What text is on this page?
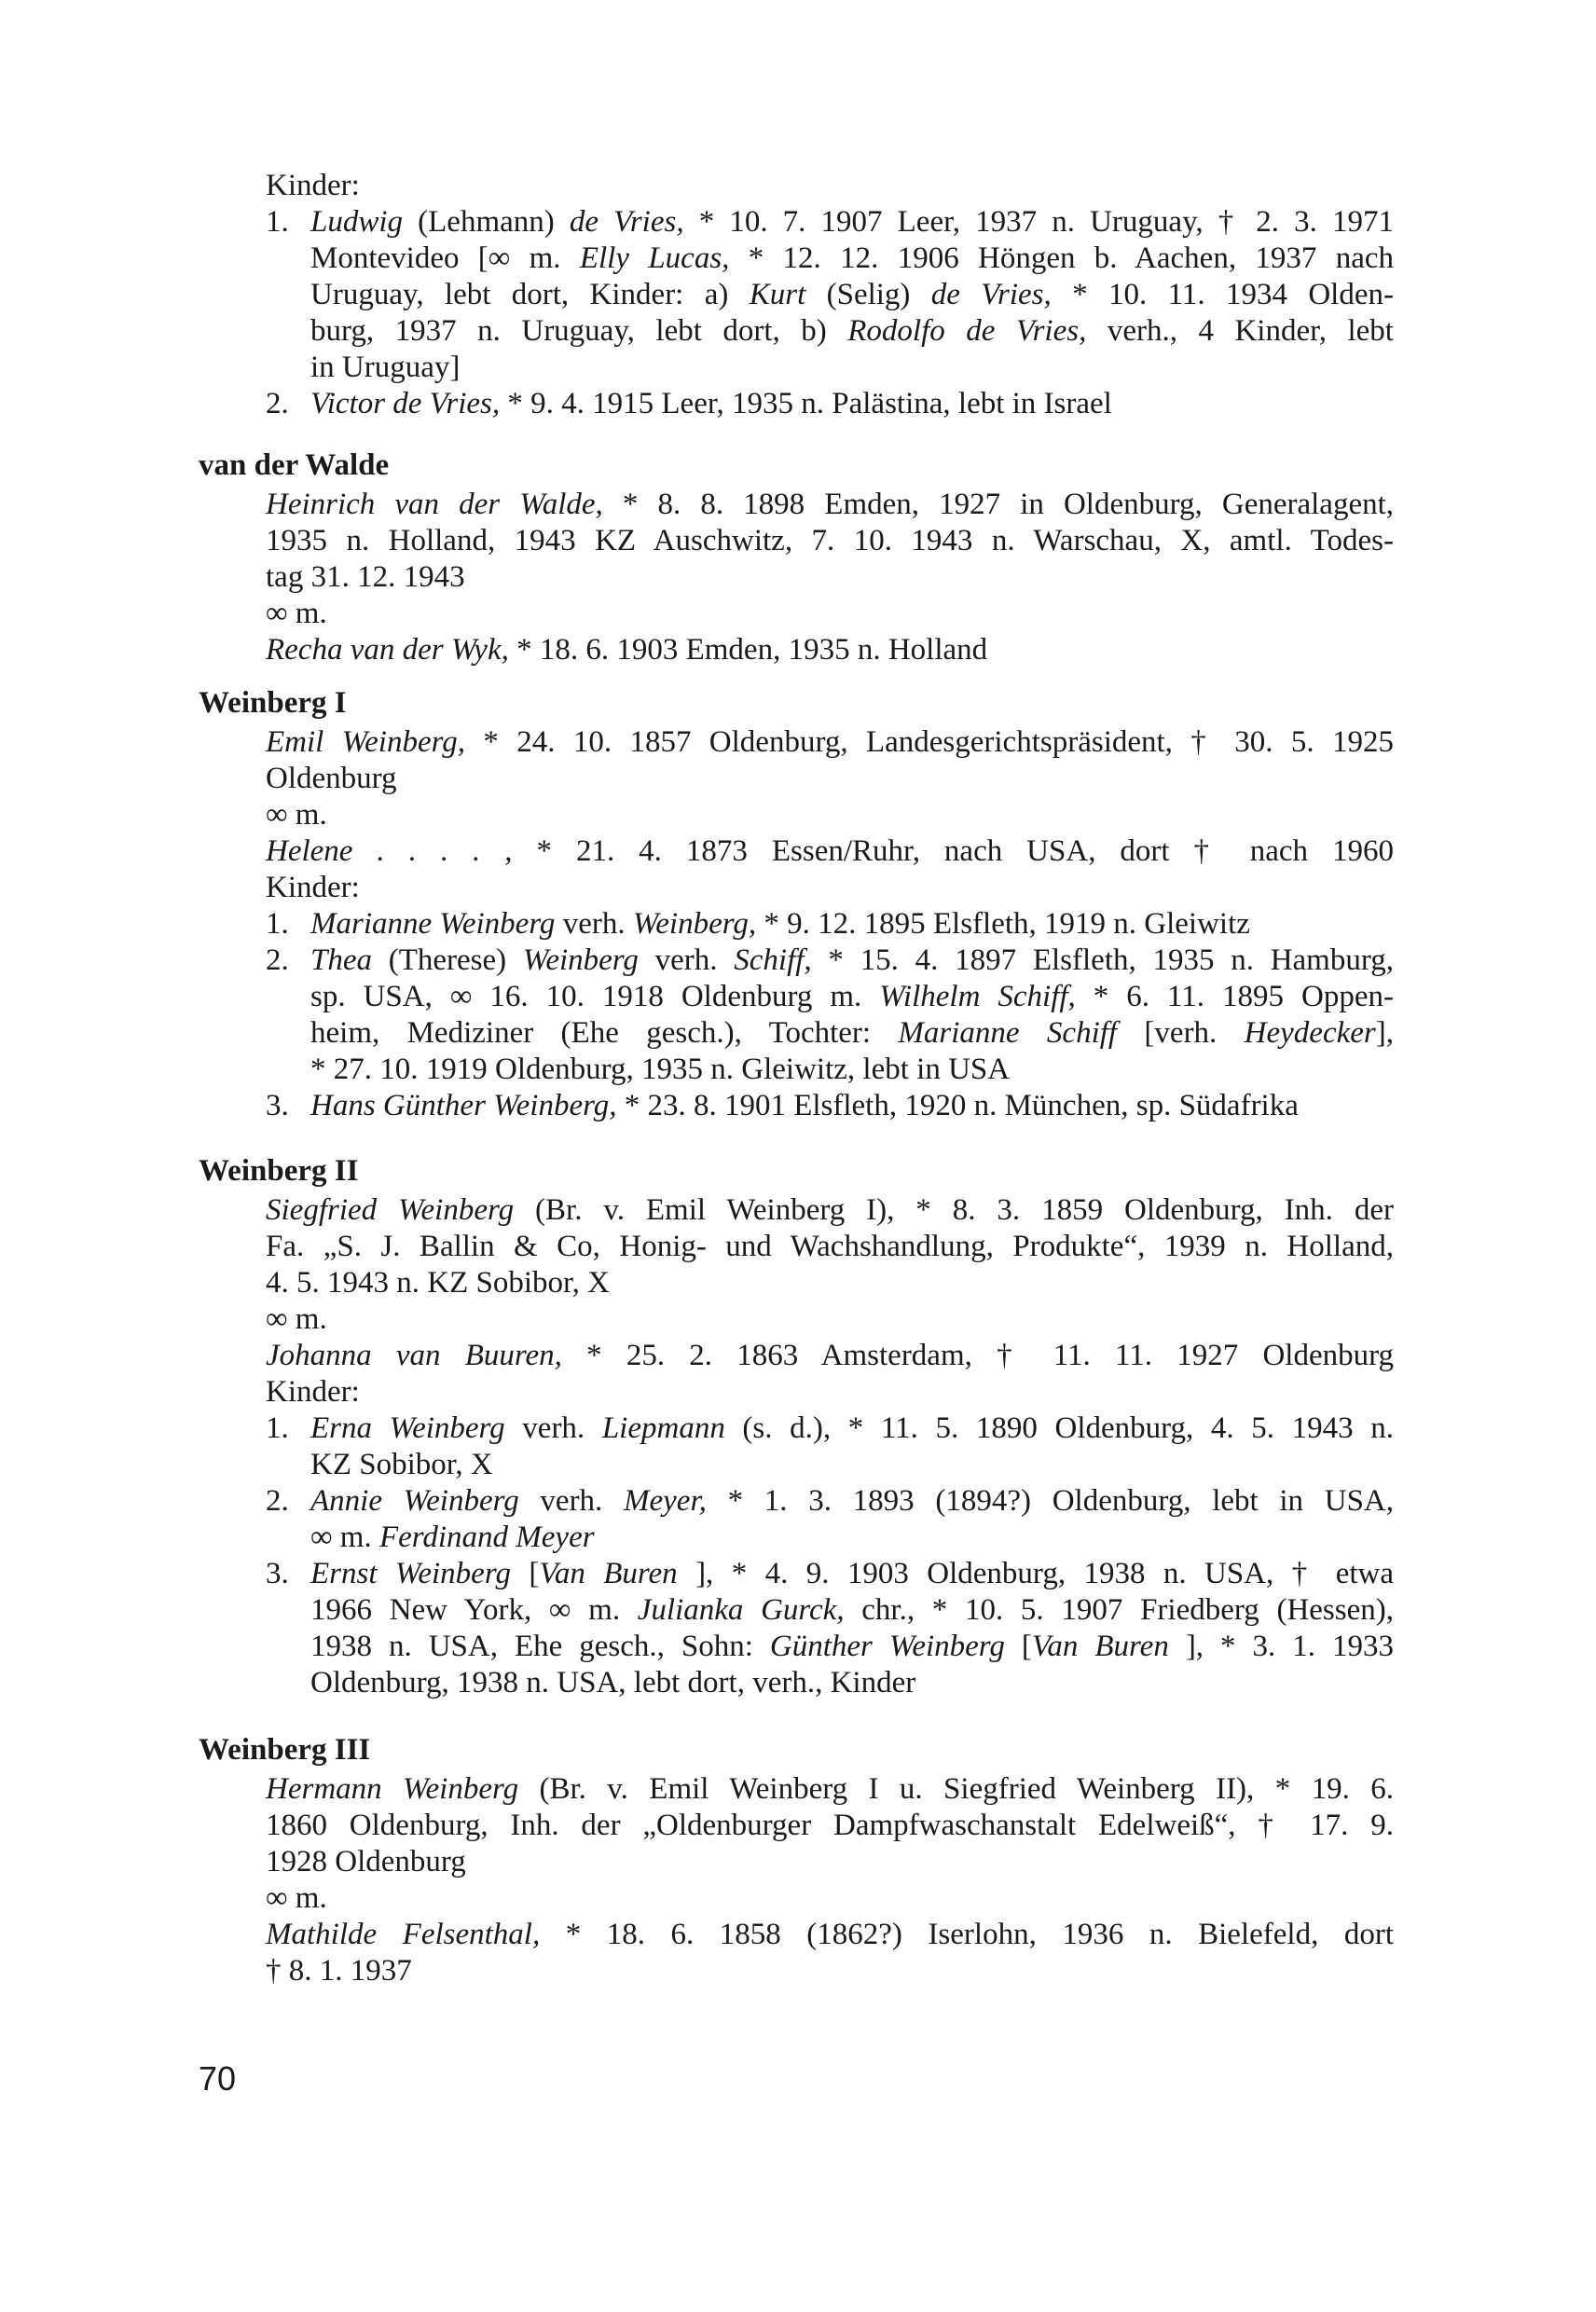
Kinder:
1. Ludwig (Lehmann) de Vries, * 10. 7. 1907 Leer, 1937 n. Uruguay, † 2. 3. 1971
Montevideo [∞ m. Elly Lucas, * 12. 12. 1906 Höngen b. Aachen, 1937 nach
Uruguay, lebt dort, Kinder: a) Kurt (Selig) de Vries, * 10. 11. 1934 Olden-
burg, 1937 n. Uruguay, lebt dort, b) Rodolfo de Vries, verh., 4 Kinder, lebt
in Uruguay]
2. Victor de Vries, * 9. 4. 1915 Leer, 1935 n. Palästina, lebt in Israel
van der Walde
Heinrich van der Walde, * 8. 8. 1898 Emden, 1927 in Oldenburg, Generalagent,
1935 n. Holland, 1943 KZ Auschwitz, 7. 10. 1943 n. Warschau, X, amtl. Todes-
tag 31. 12. 1943
∞ m.
Recha van der Wyk, * 18. 6. 1903 Emden, 1935 n. Holland
Weinberg I
Emil Weinberg, * 24. 10. 1857 Oldenburg, Landesgerichtspräsident, † 30. 5. 1925
Oldenburg
∞ m.
Helene . . . . , * 21. 4. 1873 Essen/Ruhr, nach USA, dort † nach 1960
Kinder:
1. Marianne Weinberg verh. Weinberg, * 9. 12. 1895 Elsfleth, 1919 n. Gleiwitz
2. Thea (Therese) Weinberg verh. Schiff, * 15. 4. 1897 Elsfleth, 1935 n. Hamburg,
sp. USA, ∞ 16. 10. 1918 Oldenburg m. Wilhelm Schiff, * 6. 11. 1895 Oppen-
heim, Mediziner (Ehe gesch.), Tochter: Marianne Schiff [verh. Heydecker],
* 27. 10. 1919 Oldenburg, 1935 n. Gleiwitz, lebt in USA
3. Hans Günther Weinberg, * 23. 8. 1901 Elsfleth, 1920 n. München, sp. Südafrika
Weinberg II
Siegfried Weinberg (Br. v. Emil Weinberg I), * 8. 3. 1859 Oldenburg, Inh. der
Fa. „S. J. Ballin & Co, Honig- und Wachshandlung, Produkte“, 1939 n. Holland,
4. 5. 1943 n. KZ Sobibor, X
∞ m.
Johanna van Buuren, * 25. 2. 1863 Amsterdam, † 11. 11. 1927 Oldenburg
Kinder:
1. Erna Weinberg verh. Liepmann (s. d.), * 11. 5. 1890 Oldenburg, 4. 5. 1943 n.
KZ Sobibor, X
2. Annie Weinberg verh. Meyer, * 1. 3. 1893 (1894?) Oldenburg, lebt in USA,
∞ m. Ferdinand Meyer
3. Ernst Weinberg [Van Buren ], * 4. 9. 1903 Oldenburg, 1938 n. USA, † etwa
1966 New York, ∞ m. Julianka Gurck, chr., * 10. 5. 1907 Friedberg (Hessen),
1938 n. USA, Ehe gesch., Sohn: Günther Weinberg [Van Buren ], * 3. 1. 1933
Oldenburg, 1938 n. USA, lebt dort, verh., Kinder
Weinberg III
Hermann Weinberg (Br. v. Emil Weinberg I u. Siegfried Weinberg II), * 19. 6.
1860 Oldenburg, Inh. der „Oldenburger Dampfwaschanstalt Edelweiß“, † 17. 9.
1928 Oldenburg
∞ m.
Mathilde Felsenthal, * 18. 6. 1858 (1862?) Iserlohn, 1936 n. Bielefeld, dort
† 8. 1. 1937
70
